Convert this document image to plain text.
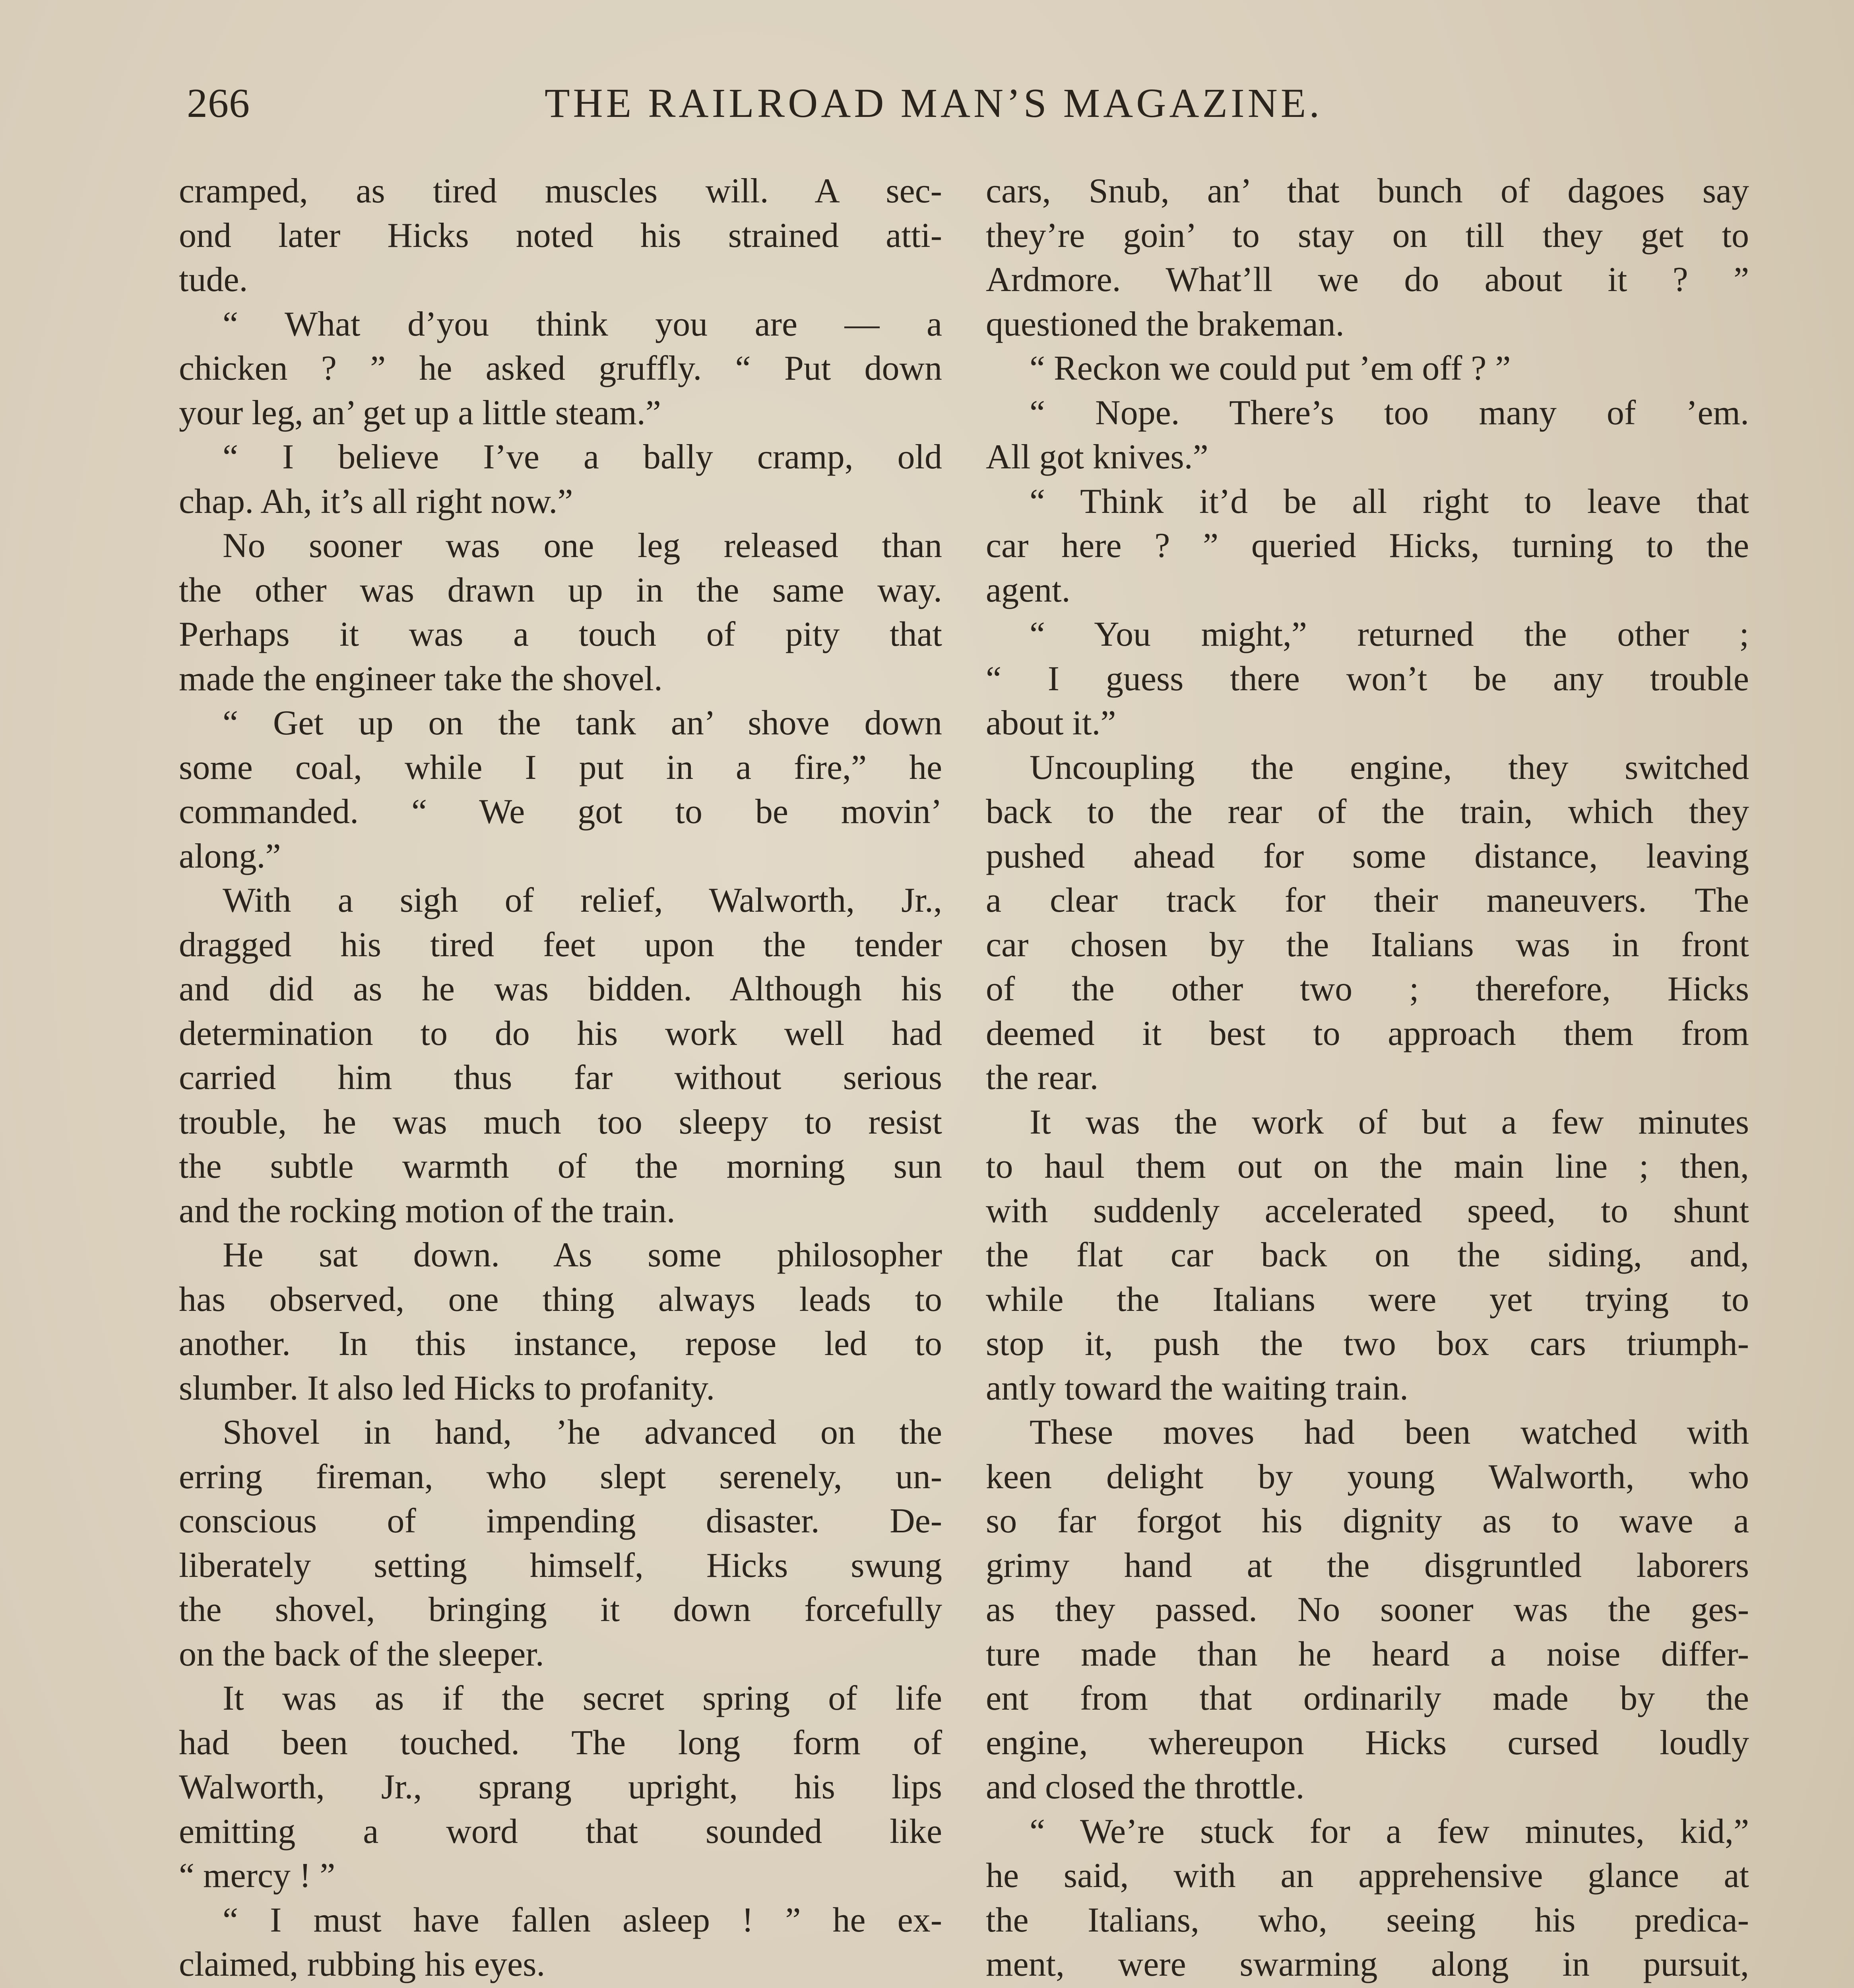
266	THE RAILROAD MAN’S MAGAZINE.
cramped, as tired muscles will. A sec-
ond later Hicks noted his strained atti-
tude.
“ What d’you think you are — a
chicken ? ” he asked gruffly. “ Put down
your leg, an’ get up a little steam.”
“ I believe I’ve a bally cramp, old
chap. Ah, it’s all right now.”
No sooner was one leg released than
the other was drawn up in the same way.
Perhaps it was a touch of pity that
made the engineer take the shovel.
“ Get up on the tank an’ shove down
some coal, while I put in a fire,” he
commanded. “ We got to be movin’
along.”
With a sigh of relief, Walworth, Jr.,
dragged his tired feet upon the tender
and did as he was bidden. Although his
determination to do his work well had
carried him thus far without serious
trouble, he was much too sleepy to resist
the subtle warmth of the morning sun
and the rocking motion of the train.
He sat down. As some philosopher
has observed, one thing always leads to
another. In this instance, repose led to
slumber. It also led Hicks to profanity.
Shovel in hand, ’he advanced on the
erring fireman, who slept serenely, un-
conscious of impending disaster. De-
liberately setting himself, Hicks swung
the shovel, bringing it down forcefully
on the back of the sleeper.
It was as if the secret spring of life
had been touched. The long form of
Walworth, Jr., sprang upright, his lips
emitting a word that sounded like
“ mercy ! ”
“ I must have fallen asleep ! ” he ex-
claimed, rubbing his eyes.
cars, Snub, an’ that bunch of dagoes say
they’re goin’ to stay on till they get to
Ardmore. What’ll we do about it ? ”
questioned the brakeman.
“ Reckon we could put ’em off ? ”
“ Nope. There’s too many of ’em.
All got knives.”
“ Think it’d be all right to leave that
car here ? ” queried Hicks, turning to the
agent.
“ You might,” returned the other ;
“ I guess there won’t be any trouble
about it.”
Uncoupling the engine, they switched
back to the rear of the train, which they
pushed ahead for some distance, leaving
a clear track for their maneuvers. The
car chosen by the Italians was in front
of the other two ; therefore, Hicks
deemed it best to approach them from
the rear.
It was the work of but a few minutes
to haul them out on the main line ; then,
with suddenly accelerated speed, to shunt
the flat car back on the siding, and,
while the Italians were yet trying to
stop it, push the two box cars triumph-
antly toward the waiting train.
These moves had been watched with
keen delight by young Walworth, who
so far forgot his dignity as to wave a
grimy hand at the disgruntled laborers
as they passed. No sooner was the ges-
ture made than he heard a noise differ-
ent from that ordinarily made by the
engine, whereupon Hicks cursed loudly
and closed the throttle.
“ We’re stuck for a few minutes, kid,”
he said, with an apprehensive glance at
the Italians, who, seeing his predica-
ment, were swarming along in pursuit,
